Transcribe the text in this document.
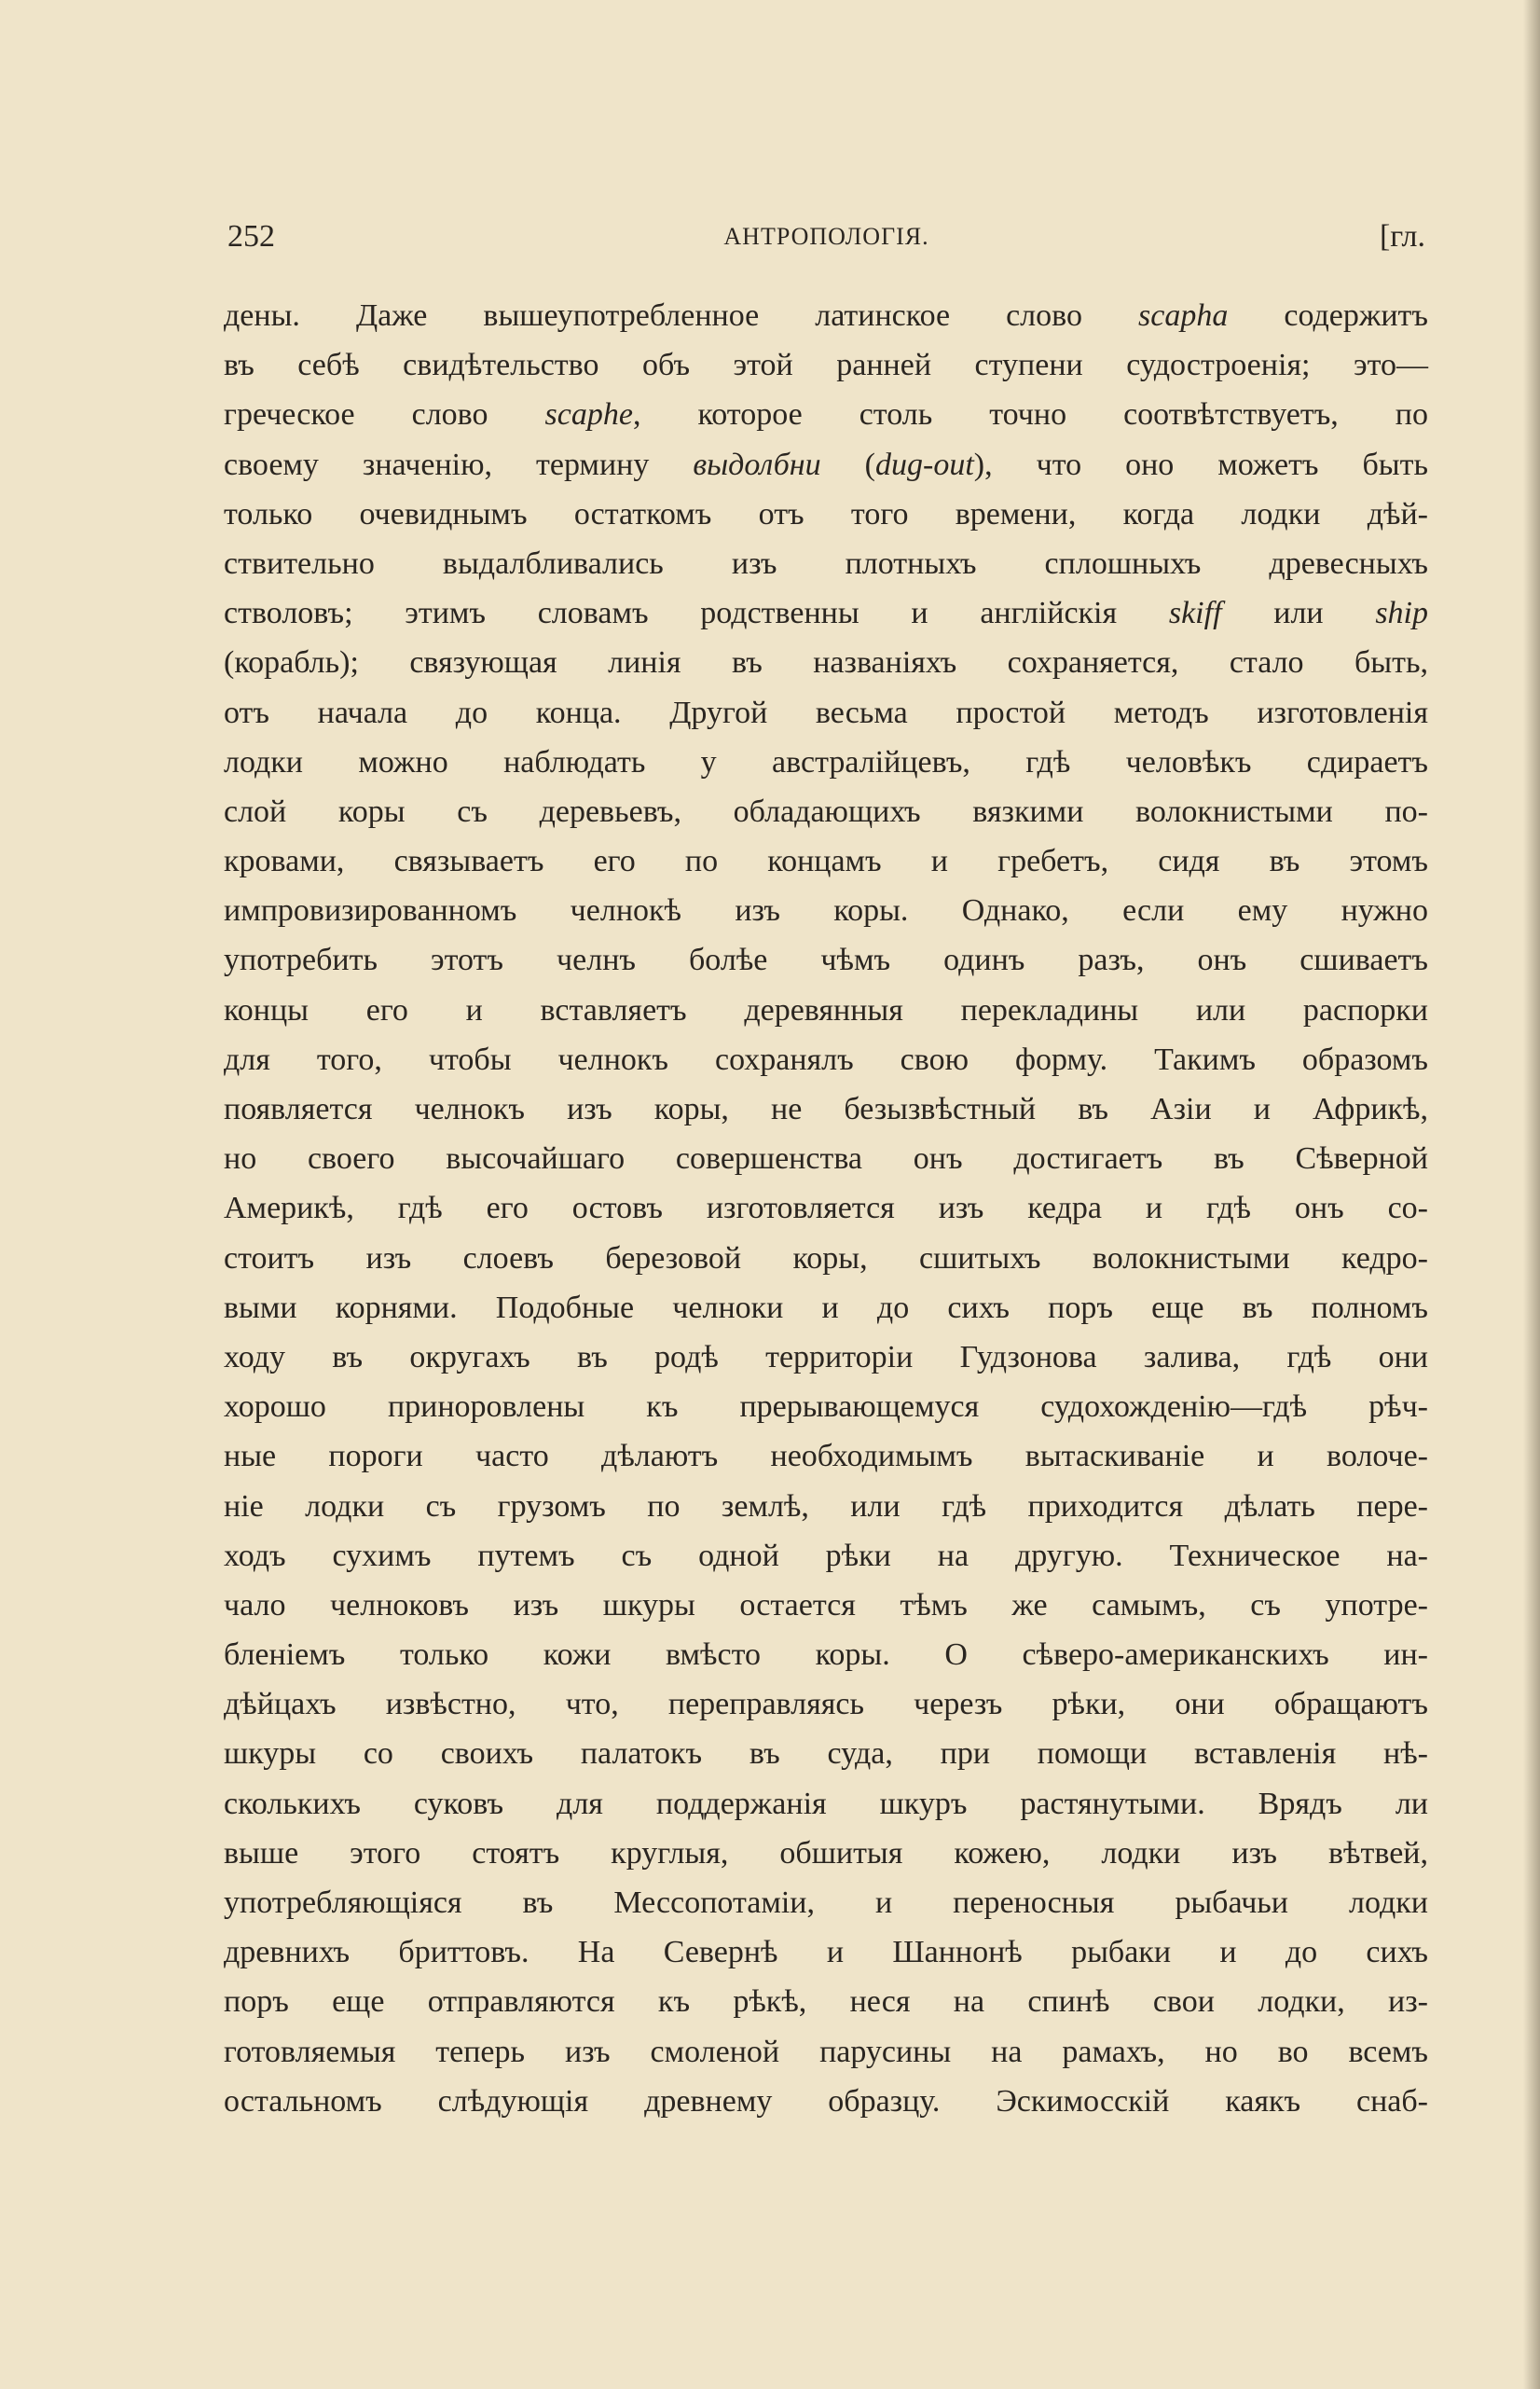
252	АНТРОПОЛОГІЯ.	[гл.
дены. Даже вышеупотребленное латинское слово scapha содержитъ
въ себѣ свидѣтельство объ этой ранней ступени судостроенія; это—
греческое слово scaphe, которое столь точно соотвѣтствуетъ, по
своему значенію, термину выдолбни (dug-out), что оно можетъ быть
только очевиднымъ остаткомъ отъ того времени, когда лодки дѣй-
ствительно выдалбливались изъ плотныхъ сплошныхъ древесныхъ
стволовъ; этимъ словамъ родственны и англійскія skiff или ship
(корабль); связующая линія въ названіяхъ сохраняется, стало быть,
отъ начала до конца. Другой весьма простой методъ изготовленія
лодки можно наблюдать у австралійцевъ, гдѣ человѣкъ сдираетъ
слой коры съ деревьевъ, обладающихъ вязкими волокнистыми по-
кровами, связываетъ его по концамъ и гребетъ, сидя въ этомъ
импровизированномъ челнокѣ изъ коры. Однако, если ему нужно
употребить этотъ челнъ болѣе чѣмъ одинъ разъ, онъ сшиваетъ
концы его и вставляетъ деревянныя перекладины или распорки
для того, чтобы челнокъ сохранялъ свою форму. Такимъ образомъ
появляется челнокъ изъ коры, не безызвѣстный въ Азіи и Африкѣ,
но своего высочайшаго совершенства онъ достигаетъ въ Сѣверной
Америкѣ, гдѣ его остовъ изготовляется изъ кедра и гдѣ онъ со-
стоитъ изъ слоевъ березовой коры, сшитыхъ волокнистыми кедро-
выми корнями. Подобные челноки и до сихъ поръ еще въ полномъ
ходу въ округахъ въ родѣ территоріи Гудзонова залива, гдѣ они
хорошо приноровлены къ прерывающемуся судохожденію—гдѣ рѣч-
ные пороги часто дѣлаютъ необходимымъ вытаскиваніе и волоче-
ніе лодки съ грузомъ по землѣ, или гдѣ приходится дѣлать пере-
ходъ сухимъ путемъ съ одной рѣки на другую. Техническое на-
чало челноковъ изъ шкуры остается тѣмъ же самымъ, съ употре-
бленіемъ только кожи вмѣсто коры. О сѣверо-американскихъ ин-
дѣйцахъ извѣстно, что, переправляясь черезъ рѣки, они обращаютъ
шкуры со своихъ палатокъ въ суда, при помощи вставленія нѣ-
сколькихъ суковъ для поддержанія шкуръ растянутыми. Врядъ ли
выше этого стоятъ круглыя, обшитыя кожею, лодки изъ вѣтвей,
употребляющіяся въ Мессопотаміи, и переносныя рыбачьи лодки
древнихъ бриттовъ. На Севернѣ и Шаннонѣ рыбаки и до сихъ
поръ еще отправляются къ рѣкѣ, неся на спинѣ свои лодки, из-
готовляемыя теперь изъ смоленой парусины на рамахъ, но во всемъ
остальномъ слѣдующія древнему образцу. Эскимосскій каякъ снаб-
